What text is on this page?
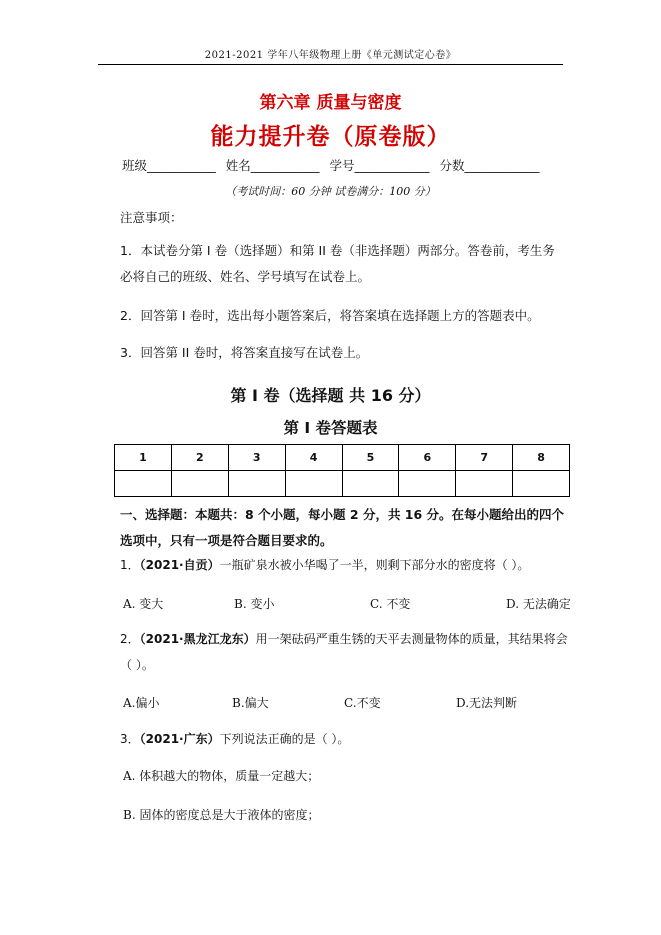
2021-2021 学年八年级物理上册《单元测试定心卷》
第六章 质量与密度
能力提升卷（原卷版）
班级___________ 姓名___________ 学号____________ 分数____________
（考试时间：60 分钟 试卷满分：100 分）
注意事项：
1．本试卷分第 I 卷（选择题）和第 II 卷（非选择题）两部分。答卷前，考生务必将自己的班级、姓名、学号填写在试卷上。
2．回答第 I 卷时，选出每小题答案后，将答案填在选择题上方的答题表中。
3．回答第 II 卷时，将答案直接写在试卷上。
第 I 卷（选择题 共 16 分）
第 I 卷答题表
1	2	3	4	5	6	7	8

一、选择题：本题共：8 个小题，每小题 2 分，共 16 分。在每小题给出的四个选项中，只有一项是符合题目要求的。
1．（2021·自贡）一瓶矿泉水被小华喝了一半，则剩下部分水的密度将（ ）。
A. 变大	B. 变小	C. 不变	D. 无法确定
2．（2021·黑龙江龙东）用一架砝码严重生锈的天平去测量物体的质量，其结果将会（ ）。
A.偏小	B.偏大	C.不变	D.无法判断
3．（2021·广东）下列说法正确的是（ ）。
A. 体积越大的物体，质量一定越大；
B. 固体的密度总是大于液体的密度；
